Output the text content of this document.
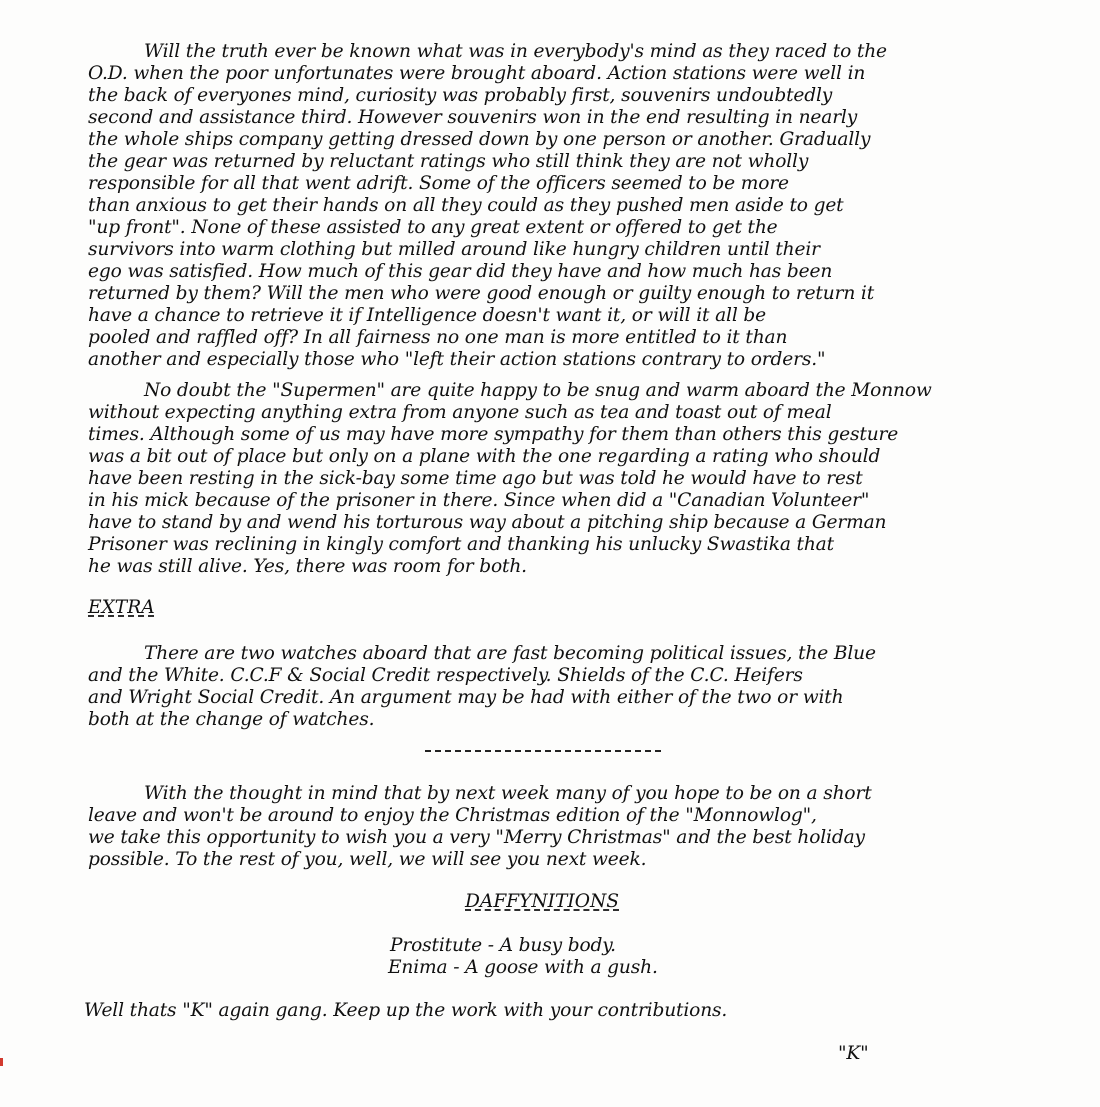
Will the truth ever be known what was in everybody's mind as they raced to the
O.D. when the poor unfortunates were brought aboard. Action stations were well in
the back of everyones mind, curiosity was probably first, souvenirs undoubtedly
second and assistance third. However souvenirs won in the end resulting in nearly
the whole ships company getting dressed down by one person or another. Gradually
the gear was returned by reluctant ratings who still think they are not wholly
responsible for all that went adrift. Some of the officers seemed to be more
than anxious to get their hands on all they could as they pushed men aside to get
"up front". None of these assisted to any great extent or offered to get the
survivors into warm clothing but milled around like hungry children until their
ego was satisfied. How much of this gear did they have and how much has been
returned by them? Will the men who were good enough or guilty enough to return it
have a chance to retrieve it if Intelligence doesn't want it, or will it all be
pooled and raffled off? In all fairness no one man is more entitled to it than
another and especially those who "left their action stations contrary to orders."
No doubt the "Supermen" are quite happy to be snug and warm aboard the Monnow
without expecting anything extra from anyone such as tea and toast out of meal
times. Although some of us may have more sympathy for them than others this gesture
was a bit out of place but only on a plane with the one regarding a rating who should
have been resting in the sick-bay some time ago but was told he would have to rest
in his mick because of the prisoner in there. Since when did a "Canadian Volunteer"
have to stand by and wend his torturous way about a pitching ship because a German
Prisoner was reclining in kingly comfort and thanking his unlucky Swastika that
he was still alive. Yes, there was room for both.
EXTRA
There are two watches aboard that are fast becoming political issues, the Blue
and the White. C.C.F & Social Credit respectively. Shields of the C.C. Heifers
and Wright Social Credit. An argument may be had with either of the two or with
both at the change of watches.
With the thought in mind that by next week many of you hope to be on a short
leave and won't be around to enjoy the Christmas edition of the "Monnowlog",
we take this opportunity to wish you a very "Merry Christmas" and the best holiday
possible. To the rest of you, well, we will see you next week.
DAFFYNITIONS
Prostitute - A busy body.
Enima - A goose with a gush.
Well thats "K" again gang. Keep up the work with your contributions.
"K"
